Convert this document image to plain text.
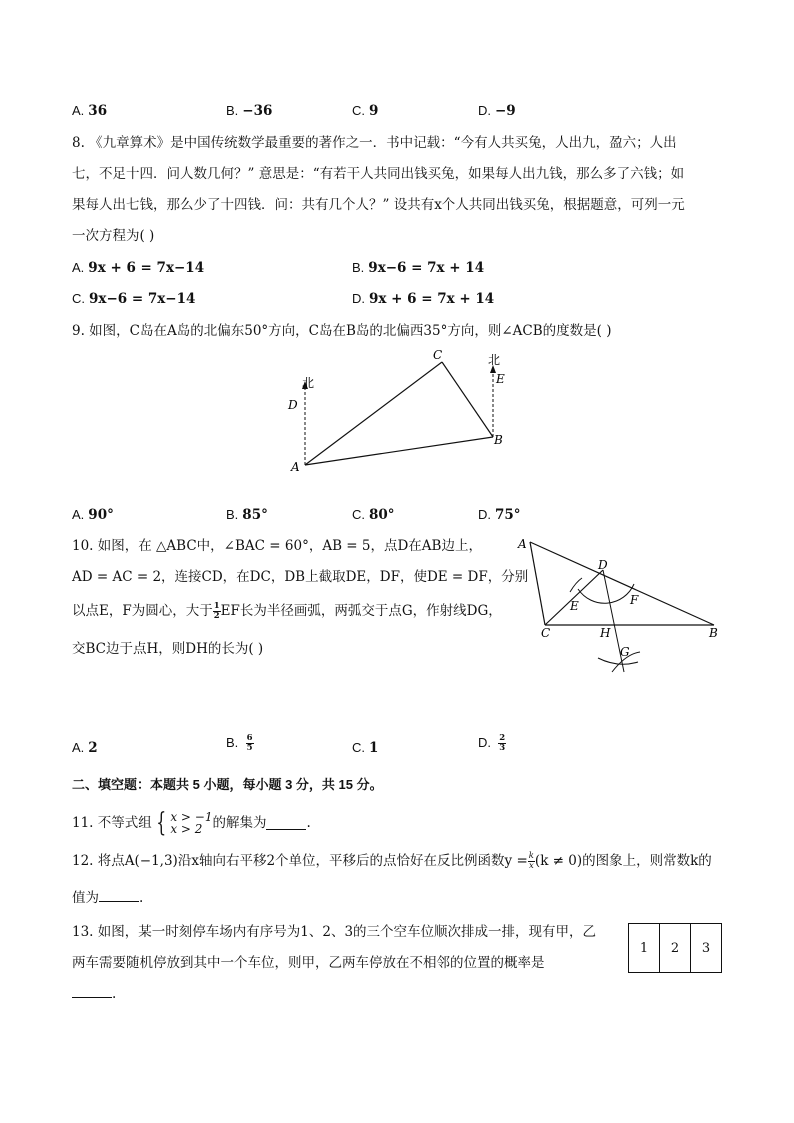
A. 36	B. −36	C. 9	D. −9
8. 《九章算术》是中国传统数学最重要的著作之一．书中记载：“今有人共买兔，人出九，盈六；人出
七，不足十四．问人数几何？” 意思是：“有若干人共同出钱买兔，如果每人出九钱，那么多了六钱；如
果每人出七钱，那么少了十四钱．问：共有几个人？” 设共有x个人共同出钱买兔，根据题意，可列一元
一次方程为( )
A. 9x + 6 = 7x−14	B. 9x−6 = 7x + 14
C. 9x−6 = 7x−14	D. 9x + 6 = 7x + 14
9. 如图，C岛在A岛的北偏东50°方向，C岛在B岛的北偏西35°方向，则∠ACB的度数是( )
北
北
D
E
A
B
C
A. 90°	B. 85°	C. 80°	D. 75°
10. 如图，在 △ABC中，∠BAC = 60°，AB = 5，点D在AB边上，
AD = AC = 2，连接CD，在DC，DB上截取DE，DF，使DE = DF，分别
以点E，F为圆心，大于 $\frac{1}{2}$ EF长为半径画弧，两弧交于点G，作射线DG，
交BC边于点H，则DH的长为( )
A
D
E	F
C	H	B
G
A. 2	B. $\frac{6}{5}$	C. 1	D. $\frac{2}{3}$
二、填空题：本题共 5 小题，每小题 3 分，共 15 分。
11. 不等式组 { x > −1
x > 2 的解集为	.
12. 将点A(−1,3)沿x轴向右平移2个单位，平移后的点恰好在反比例函数$y = \frac{k}{x} (k \ne 0)$的图象上，则常数k的
值为	.
13. 如图，某一时刻停车场内有序号为1、2、3的三个空车位顺次排成一排，现有甲，乙
两车需要随机停放到其中一个车位，则甲，乙两车停放在不相邻的位置的概率是
.
1	2	3
